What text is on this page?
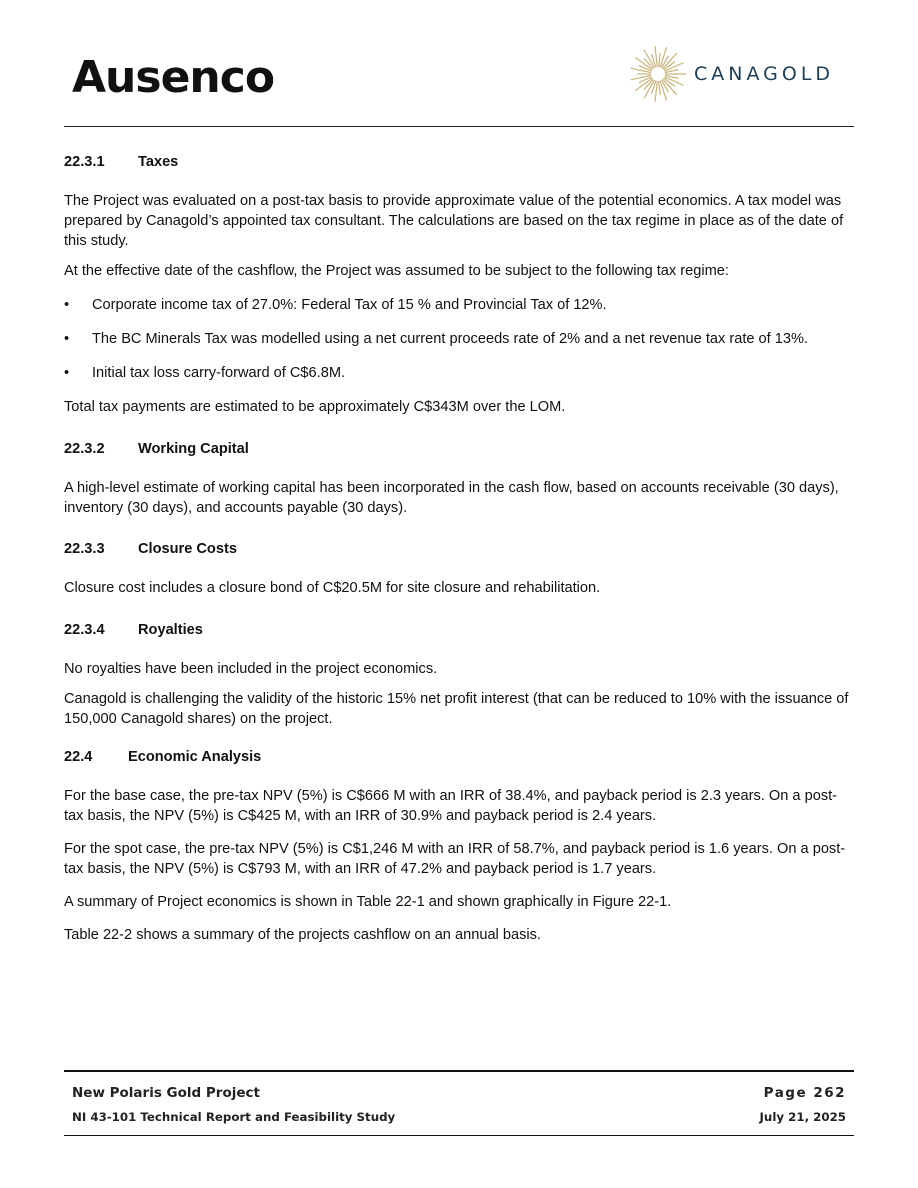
Ausenco	CANAGOLD
22.3.1 Taxes

The Project was evaluated on a post-tax basis to provide approximate value of the potential economics. A tax model was prepared by Canagold’s appointed tax consultant. The calculations are based on the tax regime in place as of the date of this study.

At the effective date of the cashflow, the Project was assumed to be subject to the following tax regime:

• Corporate income tax of 27.0%: Federal Tax of 15 % and Provincial Tax of 12%.
• The BC Minerals Tax was modelled using a net current proceeds rate of 2% and a net revenue tax rate of 13%.
• Initial tax loss carry-forward of C$6.8M.

Total tax payments are estimated to be approximately C$343M over the LOM.

22.3.2 Working Capital

A high-level estimate of working capital has been incorporated in the cash flow, based on accounts receivable (30 days), inventory (30 days), and accounts payable (30 days).

22.3.3 Closure Costs

Closure cost includes a closure bond of C$20.5M for site closure and rehabilitation.

22.3.4 Royalties

No royalties have been included in the project economics.

Canagold is challenging the validity of the historic 15% net profit interest (that can be reduced to 10% with the issuance of 150,000 Canagold shares) on the project.

22.4 Economic Analysis

For the base case, the pre-tax NPV (5%) is C$666 M with an IRR of 38.4%, and payback period is 2.3 years. On a post-tax basis, the NPV (5%) is C$425 M, with an IRR of 30.9% and payback period is 2.4 years.

For the spot case, the pre-tax NPV (5%) is C$1,246 M with an IRR of 58.7%, and payback period is 1.6 years. On a post-tax basis, the NPV (5%) is C$793 M, with an IRR of 47.2% and payback period is 1.7 years.

A summary of Project economics is shown in Table 22-1 and shown graphically in Figure 22-1.

Table 22-2 shows a summary of the projects cashflow on an annual basis.

New Polaris Gold Project	Page 262
NI 43-101 Technical Report and Feasibility Study	July 21, 2025
